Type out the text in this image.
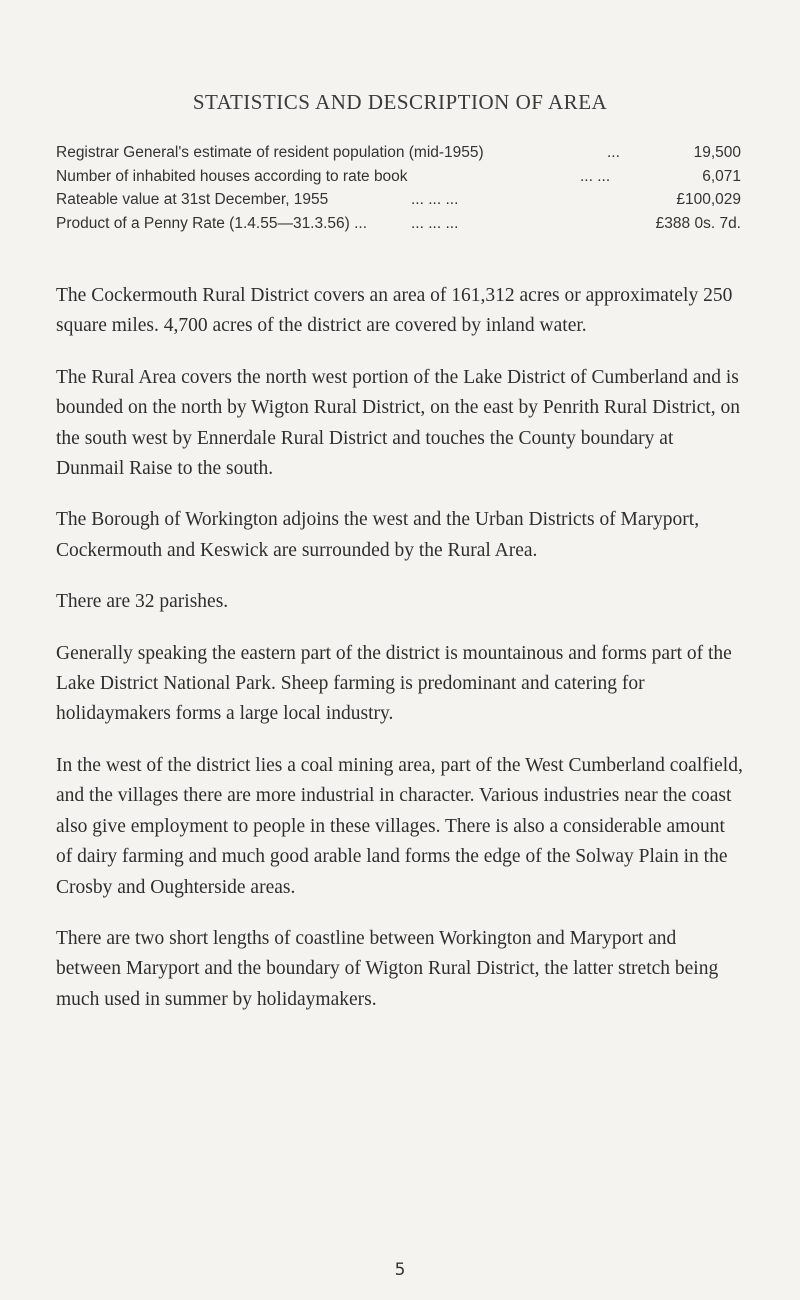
STATISTICS AND DESCRIPTION OF AREA
Registrar General's estimate of resident population (mid-1955)	...	19,500
Number of inhabited houses according to rate book	... ...	6,071
Rateable value at 31st December, 1955	... ... ...	£100,029
Product of a Penny Rate (1.4.55—31.3.56) ...	... ... ...	£388 0s. 7d.

The Cockermouth Rural District covers an area of 161,312 acres or approximately 250 square miles. 4,700 acres of the district are covered by inland water.

The Rural Area covers the north west portion of the Lake District of Cumberland and is bounded on the north by Wigton Rural District, on the east by Penrith Rural District, on the south west by Ennerdale Rural District and touches the County boundary at Dunmail Raise to the south.

The Borough of Workington adjoins the west and the Urban Districts of Maryport, Cockermouth and Keswick are surrounded by the Rural Area.

There are 32 parishes.

Generally speaking the eastern part of the district is mountainous and forms part of the Lake District National Park. Sheep farming is predominant and catering for holidaymakers forms a large local industry.

In the west of the district lies a coal mining area, part of the West Cumberland coalfield, and the villages there are more industrial in character. Various industries near the coast also give employment to people in these villages. There is also a considerable amount of dairy farming and much good arable land forms the edge of the Solway Plain in the Crosby and Oughterside areas.

There are two short lengths of coastline between Workington and Maryport and between Maryport and the boundary of Wigton Rural District, the latter stretch being much used in summer by holidaymakers.

5
